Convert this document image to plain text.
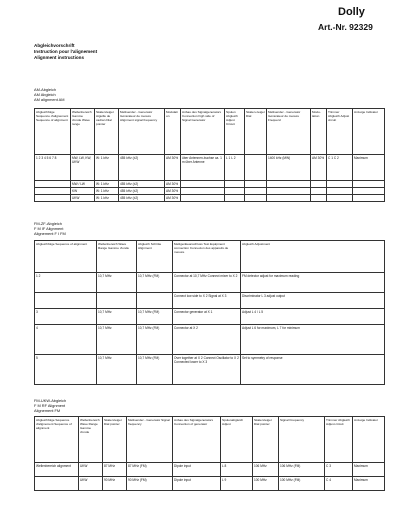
Dolly
Art.-Nr. 92329
Abgleichvorschrift
Instruction pour l'alignement
Alignment instructions
AM-Abgleich
AM Abgleich
AM alignment AM
Abgleichfolge Séquence d'alignement Sequence of alignment	Wellenbereich Gamme d'onde Wave range	Skalenzeiger Aiguille de cadran Dial pointer	Meßsender - Generator Générateur de mesure Alignment signal frequency	Modulation	Anbau des Signalgenerators Connection high side of Signal Generator	Spulen Abgleich Adjust Circuit	Skalen-zeiger Dial	Meßsender - Generator Générateur de mesure Frequenz	Modu-lation	Trimmer Abgleich Adjust circuit	Anzeige Indicator
1 2 3 4 5 6 7 8	MW, LW, KW, UKW	W: 1 kHz	455 kHz (±2)	AM 30%	über Antennen-buchse ca. 1 m über Antenne	L 1 L 2		1400 kHz (MW)	AM 30%	C 1 C 2	Maximum
	MW / LW	W: 1 kHz	455 kHz (±2)	AM 30%							
	KW	W: 1 kHz	455 kHz (±2)	AM 30%							
	UKW	W: 1 kHz	455 kHz (±2)	AM 30%							
FM-ZF-Abgleich
F M IF Alignment
Alignement F I FM
Abgleichfolge Sequence of alignment	Wellenbereich Wave Range Gamme d'onde	Abgleich Schritte Alignment	Meßgeräteanschluss Test Equipment connection Connexion des appareils de mesure	Abgleich Adjustment
1 2	10,7 MHz	10,7 MHz (FM)	Connector at 10,7 MHz Connect mixer to X 2	FM detector adjust for maximum reading
			Connect low side to X 2 Signal at X 3	Discriminator L 3 adjust output
3	10,7 MHz	10,7 MHz (FM)	Connector generator at X 1	Adjust L 4 / L 5
4	10,7 MHz	10,7 MHz (FM)	Connector at X 2	Adjust L 6 for maximum, L 7 for minimum
5	10,7 MHz	10,7 MHz (FM)	Over together at X 2 Connect Oscillator to X 2 Connected lower to X 3	Set to symmetry of response
FM-UKW-Abgleich
F M RF Alignment
Alignement FM
Abgleichfolge Séquence d'alignement Sequence of alignment	Wellenbereich Wave Range Gamme d'onde	Skalenzeiger Dial pointer	Meßsender - Generator Signal frequency	Anbau des Signalgenerators Connection of generator	Spulenabgleich Adjust	Skalenzeiger Dial pointer	Signal Frequency	Trimmer Abgleich Adjust circuit	Anzeige Indicator
Wellenbereich alignment	UKW	87 MHz	87 MHz (FM)	Dipole input	L 8	106 MHz	106 MHz (FM)	C 3	Maximum
	UKW	90 MHz	90 MHz (FM)	Dipole input	L 9	100 MHz	100 MHz (FM)	C 4	Maximum
